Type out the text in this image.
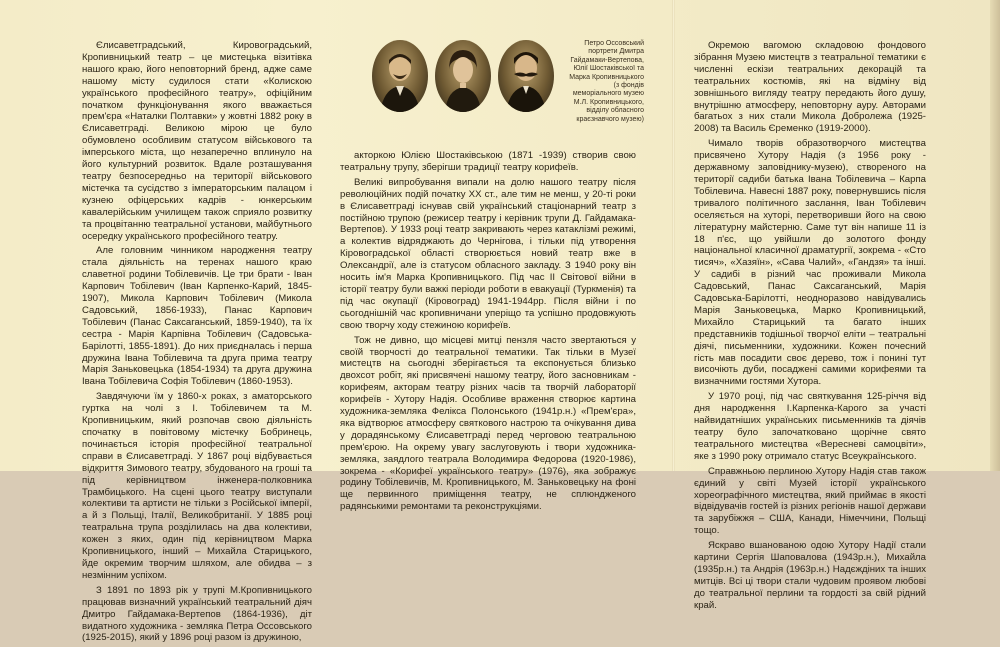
Єлисаветградський, Кировоградський, Кропивницький театр – це мистецька візитівка нашого краю, його неповторний бренд, адже саме нашому місту судилося стати «Колискою українського професійного театру», офіційним початком функціонування якого вважається прем'єра «Наталки Полтавки» у жовтні 1882 року в Єлисаветграді. Великою мірою це було обумовлено особливим статусом військового та імперського міста, що незаперечно вплинуло на його культурний розвиток. Вдале розташування театру безпосередньо на території військового містечка та сусідство з імператорським палацом і кузнею офіцерських кадрів - юнкерським кавалерійським училищем також сприяло розвитку та процвітанню театральної установи, майбутнього осередку українського професійного театру.

Але головним чинником народження театру стала діяльність на теренах нашого краю славетної родини Тобілевичів. Це три брати - Іван Карпович Тобілевич (Іван Карпенко-Карий, 1845-1907), Микола Карпович Тобілевич (Микола Садовський, 1856-1933), Панас Карпович Тобілевич (Панас Саксаганський, 1859-1940), та їх сестра - Марія Карпівна Тобілевич (Садовська-Барілотті, 1855-1891). До них приєдналась і перша дружина Івана Тобілевича та друга прима театру Марія Заньковецька (1854-1934) та друга дружина Івана Тобілевича Софія Тобілевич (1860-1953).

Завдячуючи їм у 1860-х роках, з аматорського гуртка на чолі з І. Тобілевичем та М. Кропивницьким, який розпочав свою діяльність спочатку в повітовому містечку Бобринець, починається історія професійної театральної справи в Єлисаветграді. У 1867 році відбувається відкриття Зимового театру, збудованого на гроші та під керівництвом інженера-полковника Трамбицького. На сцені цього театру виступали колективи та артисти не тільки з Російської імперії, а й з Польщі, Італії, Великобританії. У 1885 році театральна трупа розділилась на два колективи, кожен з яких, один під керівництвом Марка Кропивницького, інший – Михайла Старицького, йде окремим творчим шляхом, але обидва – з незмінним успіхом.

З 1891 по 1893 рік у трупі М.Кропивницького працював визначний український театральний діяч Дмитро Гайдамака-Вертепов (1864-1936), діт видатного художника - земляка Петра Оссовського (1925-2015), який у 1896 році разом із дружиною,

Петро Оссовський портрети Дмитра Гайдамаки-Вертепова, Юлії Шостаківської та Марка Кропивницького (з фондів меморіального музею М.Л. Кропивницького, відділу обласного краєзнавчого музею)

акторкою Юлією Шостаківською (1871 -1939) створив свою театральну трупу, зберігши традиції театру корифеїв.

Великі випробування випали на долю нашого театру після революційних подій початку ХХ ст., але тим не менш, у 20-ті роки в Єлисаветграді існував свій український стаціонарний театр з постійною трупою (режисер театру і керівник трупи Д. Гайдамака-Вертепов). У 1933 році театр закривають через катаклізмі режимі, а колектив відряджають до Чернігова, і тільки під утворення Кіровоградської області створюється новий театр вже в Олександрії, але із статусом обласного закладу. З 1940 року він носить ім'я Марка Кропивницького. Під час ІІ Світової війни в історії театру були важкі періоди роботи в евакуації (Туркменія) та під час окупації (Кіровоград) 1941-1944рр. Після війни і по сьогоднішній час кропивничани уперіщо та успішно продовжують свою творчу ходу стежиною корифеїв.

Тож не дивно, що місцеві митці пензля часто звертаються у своїй творчості до театральної тематики. Так тільки в Музеї мистецтв на сьогодні зберігається та експонується близько двохсот робіт, які присвячені нашому театру, його засновникам - корифеям, акторам театру різних часів та творчій лабораторії корифеїв - Хутору Надія. Особливе враження створює картина художника-земляка Фелікса Полонського (1941р.н.) «Прем'єра», яка відтворює атмосферу святкового настрою та очікування дива у дорадянському Єлисаветграді перед черговою театральною прем'єрою. На окрему увагу заслуговують і твори художника-земляка, заядлого театрала Володимира Федорова (1920-1986), зокрема - «Корифеї українського театру» (1976), яка зображує родину Тобілевичів, М. Кропивницького, М. Заньковецьку на фоні ще первинного приміщення театру, не сплюндженого радянськими ремонтами та реконструкціями.

Окремою вагомою складовою фондового зібрання Музею мистецтв з театральної тематики є численні ескізи театральних декорацій та театральних костюмів, які на відміну від зовнішнього вигляду театру передають його душу, внутрішню атмосферу, неповторну ауру. Авторами багатьох з них стали Микола Добролежа (1925-2008) та Василь Єременко (1919-2000).

Чимало творів образотворчого мистецтва присвячено Хутору Надія (з 1956 року - державному заповіднику-музею), створеного на території садиби батька Івана Тобілевича – Карпа Тобілевича. Навесні 1887 року, повернувшись після тривалого політичного заслання, Іван Тобілевич оселяється на хуторі, перетворивши його на свою літературну майстерню. Саме тут він напише 11 із 18 п'єс, що увійшли до золотого фонду національної класичної драматургії, зокрема - «Сто тисяч», «Хазяїн», «Сава Чалий», «Гандзя» та інші. У садибі в різний час проживали Микола Садовський, Панас Саксаганський, Марія Садовська-Барілотті, неодноразово навідувались Марія Заньковецька, Марко Кропивницький, Михайло Старицький та багато інших представників тодішньої творчої еліти – театральні діячі, письменники, художники. Кожен почесний гість мав посадити своє дерево, тож і понині тут височіють дуби, посаджені самими корифеями та визначними гостями Хутора.

У 1970 році, під час святкування 125-річчя від дня народження І.Карпенка-Карого за участі найвидатніших українських письменників та діячів театру було започатковано щорічне свято театрального мистецтва «Вересневі самоцвіти», яке з 1990 року отримало статус Всеукраїнського.

Справжньою перлиною Хутору Надія став також єдиний у світі Музей історії українського хореографічного мистецтва, який приймає в якості відвідувачів гостей із різних регіонів нашої держави та зарубіжжя – США, Канади, Німеччини, Польщі тощо.

Яскраво вшанованою одою Хутору Надії стали картини Сергія Шаповалова (1943р.н.), Михайла (1935р.н.) та Андрія (1963р.н.) Надєждіних та інших митців. Всі ці твори стали чудовим проявом любові до театральної перлини та гордості за свій рідний край.
